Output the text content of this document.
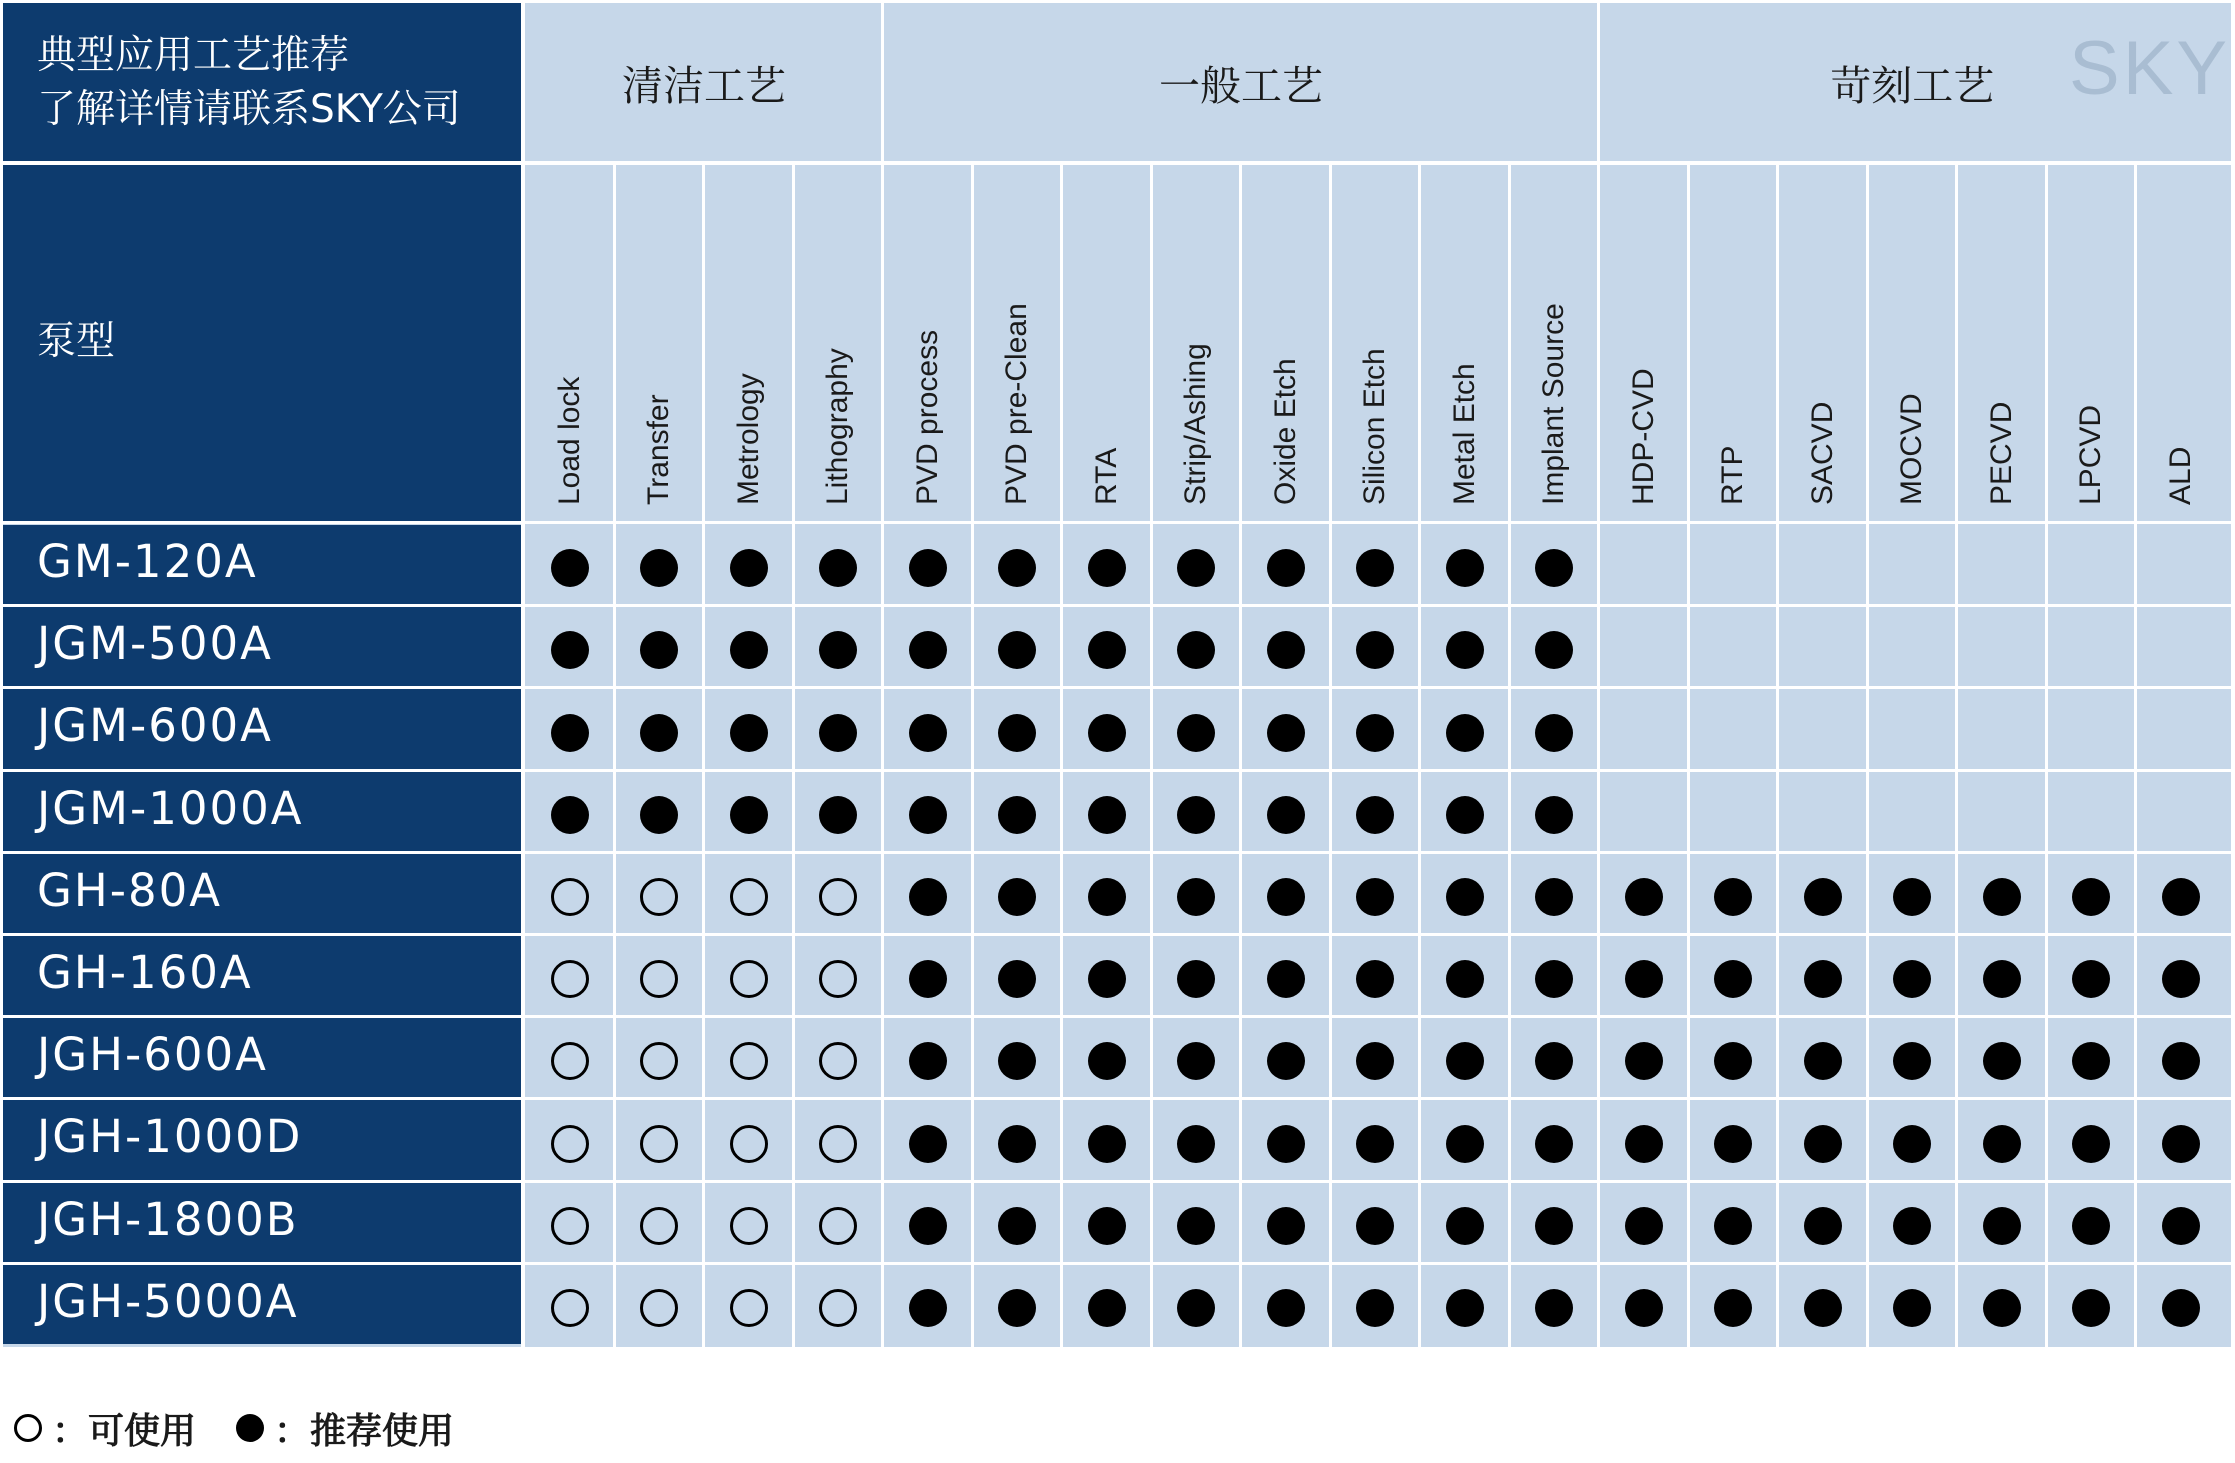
典型应用工艺推荐
了解详情请联系SKY公司
泵型
SKY
清洁工艺	一般工艺	苛刻工艺
Load lock Transfer Metrology Lithography PVD process PVD pre-Clean RTA Strip/Ashing Oxide Etch Silicon Etch Metal Etch Implant Source HDP-CVD RTP SACVD MOCVD PECVD LPCVD ALD
GM-120A
JGM-500A
JGM-600A
JGM-1000A
GH-80A
GH-160A
JGH-600A
JGH-1000D
JGH-1800B
JGH-5000A
：可使用 ：推荐使用
